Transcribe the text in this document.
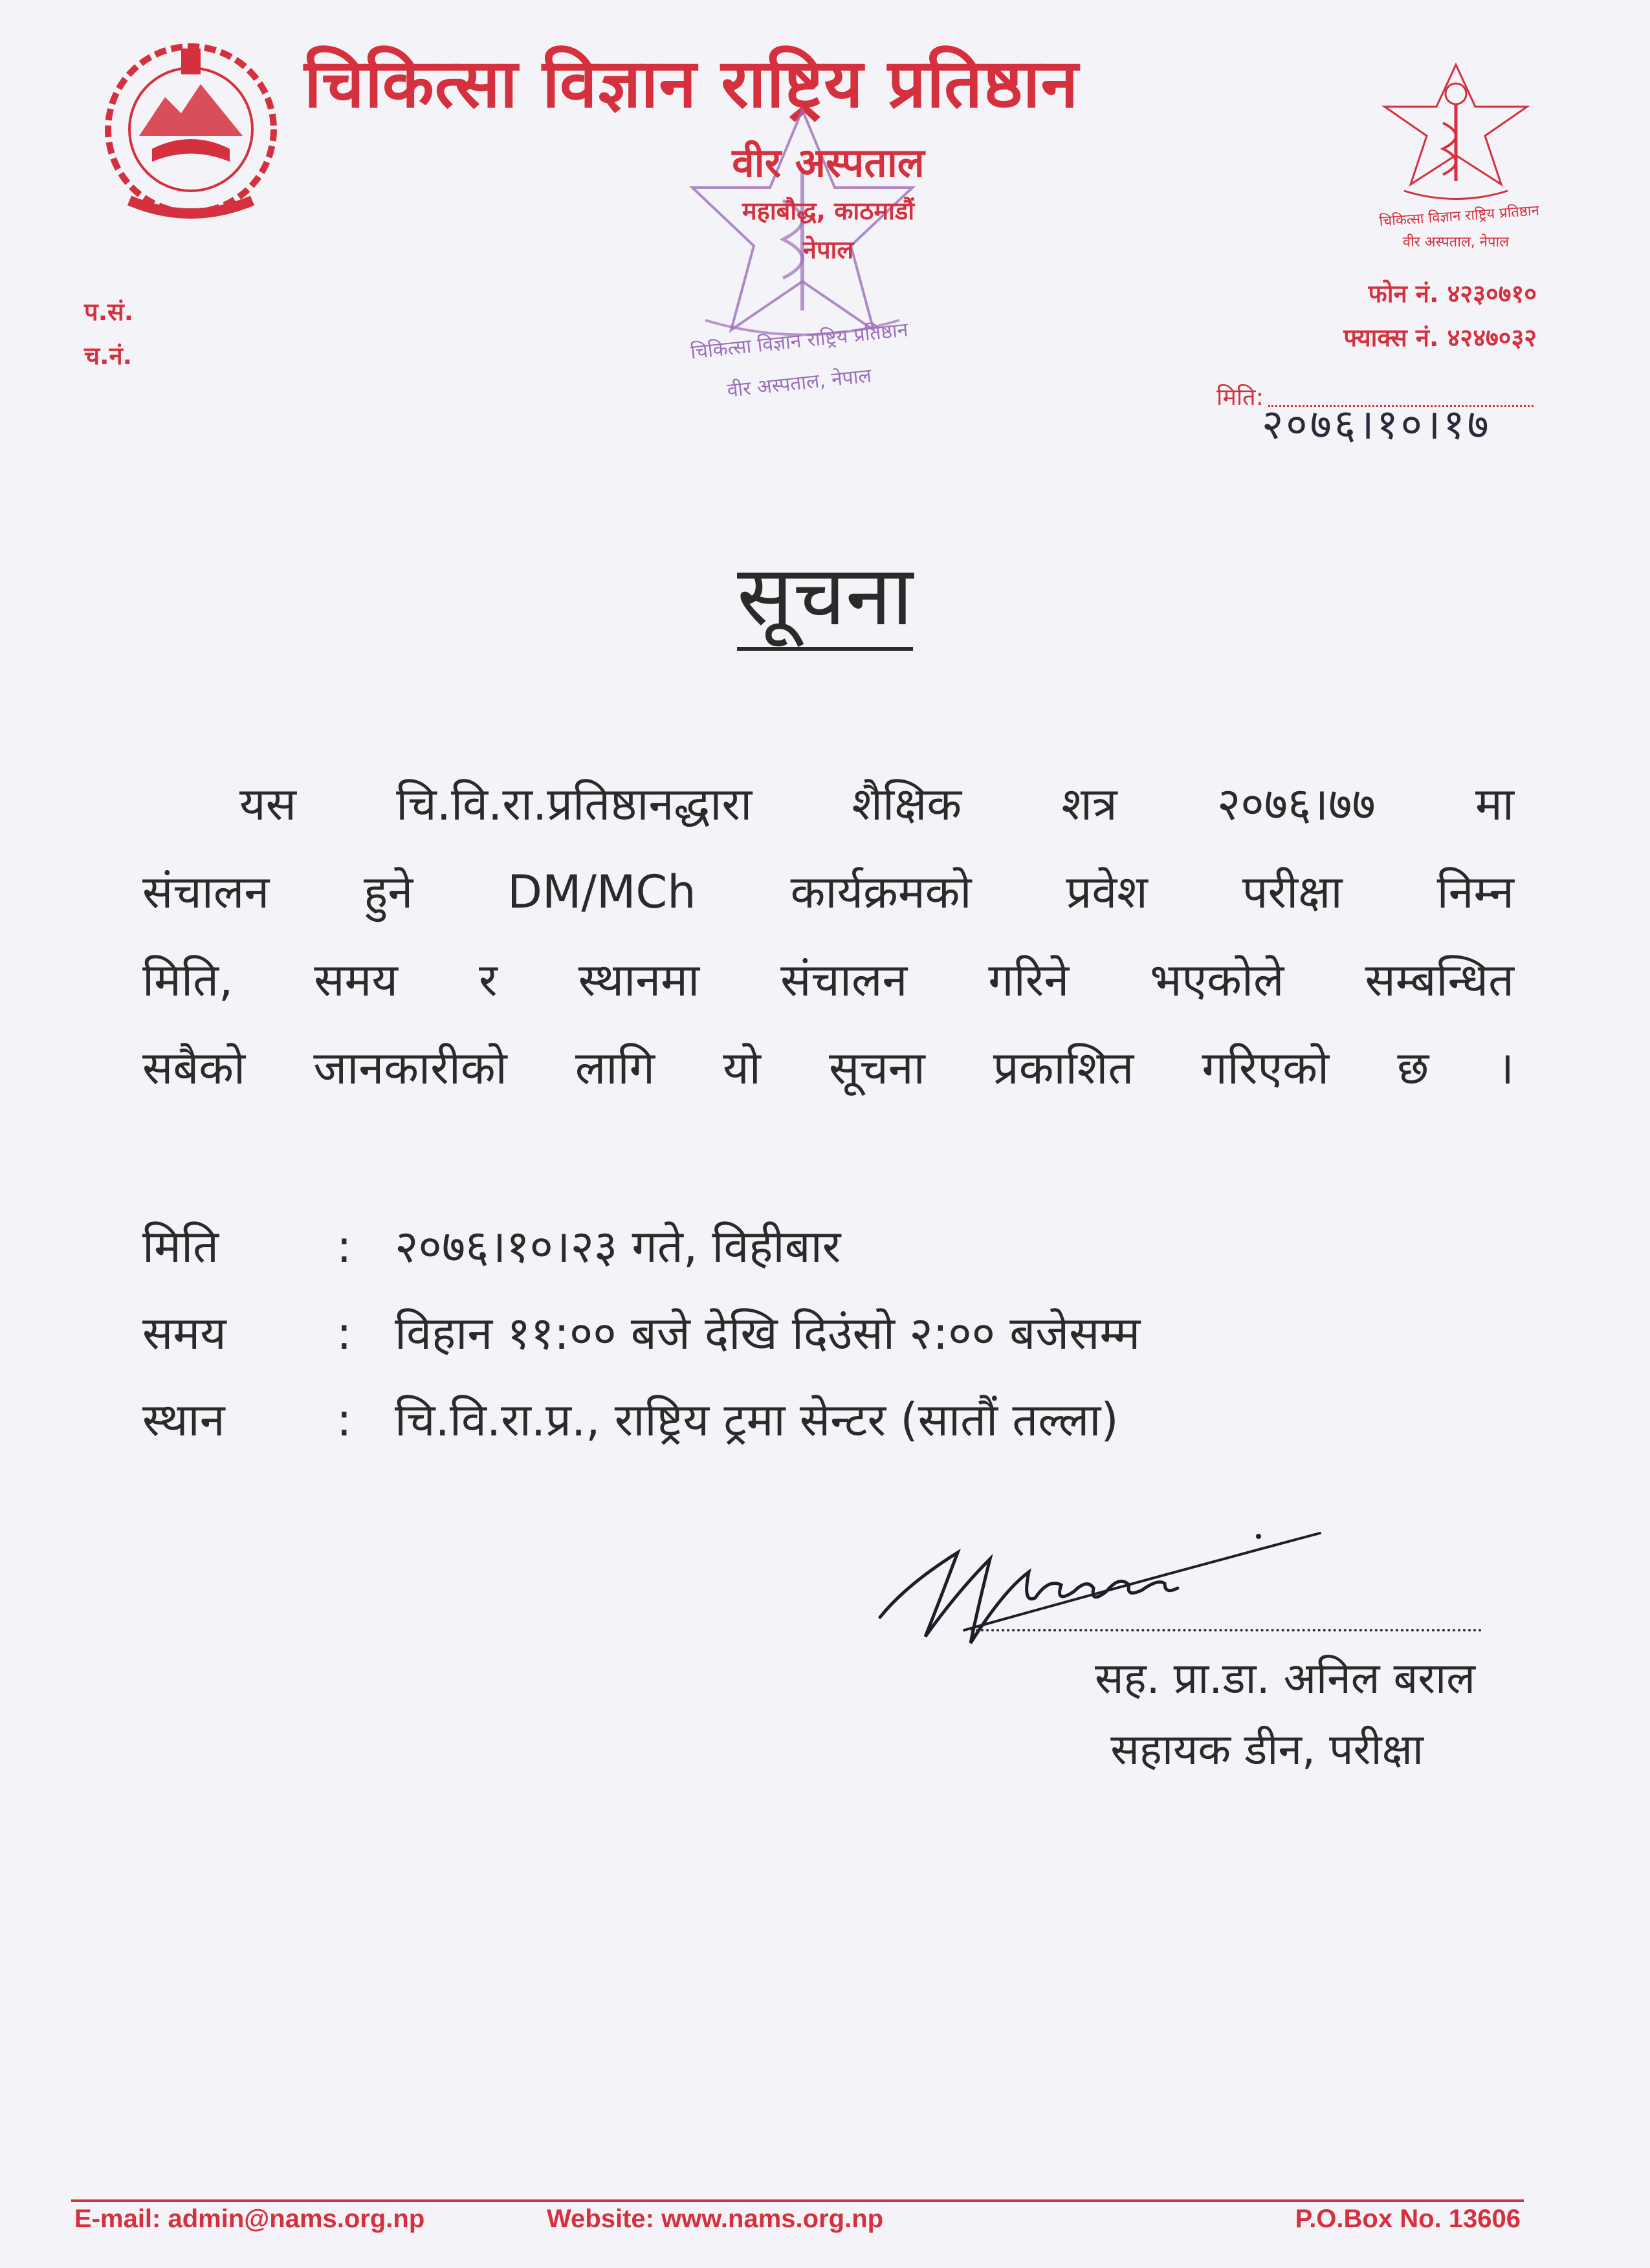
चिकित्सा विज्ञान राष्ट्रिय प्रतिष्ठान
चिकित्सा विज्ञान राष्ट्रिय प्रतिष्ठान
वीर अस्पताल, नेपाल
वीर अस्पताल
महाबौद्ध, काठमाडौं
नेपाल
चिकित्सा विज्ञान राष्ट्रिय प्रतिष्ठान
वीर अस्पताल, नेपाल
फोन नं. ४२३०७१०
फ्याक्स नं. ४२४७०३२
प.सं.
च.नं.
मिति:
२०७६।१०।१७
सूचना
यस चि.वि.रा.प्रतिष्ठानद्धारा शैक्षिक शत्र २०७६।७७ मा
संचालन हुने DM/MCh कार्यक्रमको प्रवेश परीक्षा निम्न
मिति, समय र स्थानमा संचालन गरिने भएकोले सम्बन्धित
सबैको जानकारीको लागि यो सूचना प्रकाशित गरिएको छ ।
मिति	: २०७६।१०।२३ गते, विहीबार
समय	: विहान ११:०० बजे देखि दिउंसो २:०० बजेसम्म
स्थान	: चि.वि.रा.प्र., राष्ट्रिय ट्रमा सेन्टर (सातौं तल्ला)
सह. प्रा.डा. अनिल बराल
सहायक डीन, परीक्षा
E-mail: admin@nams.org.np	Website: www.nams.org.np	P.O.Box No. 13606
